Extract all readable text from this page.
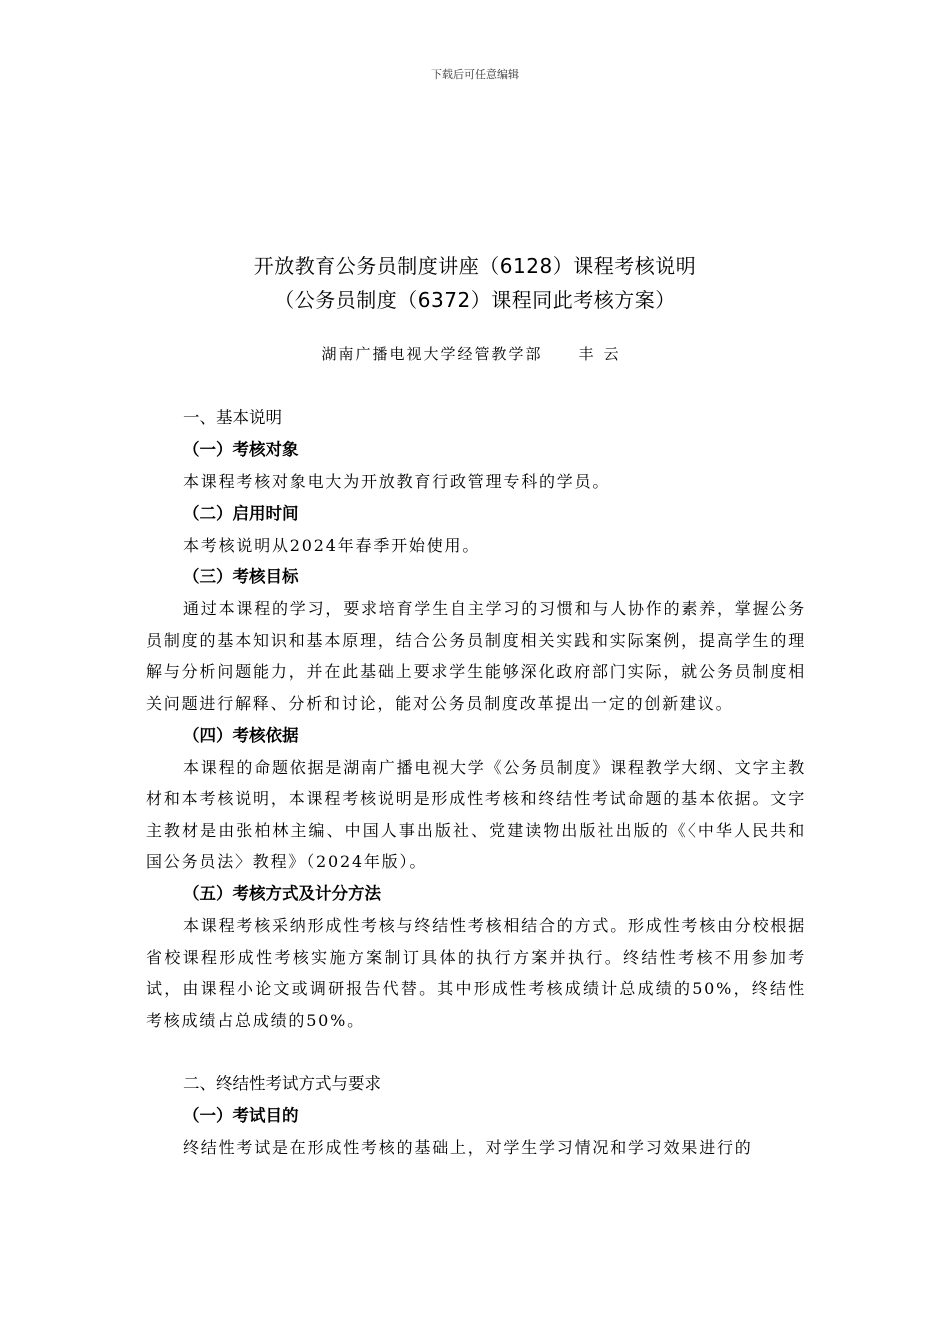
下载后可任意编辑
开放教育公务员制度讲座（6128）课程考核说明
（公务员制度（6372）课程同此考核方案）
湖南广播电视大学经管教学部 丰云
一、基本说明
（一）考核对象
本课程考核对象电大为开放教育行政管理专科的学员。
（二）启用时间
本考核说明从2024年春季开始使用。
（三）考核目标
通过本课程的学习，要求培育学生自主学习的习惯和与人协作的素养，掌握公务员制度的基本知识和基本原理，结合公务员制度相关实践和实际案例，提高学生的理解与分析问题能力，并在此基础上要求学生能够深化政府部门实际，就公务员制度相关问题进行解释、分析和讨论，能对公务员制度改革提出一定的创新建议。
（四）考核依据
本课程的命题依据是湖南广播电视大学《公务员制度》课程教学大纲、文字主教材和本考核说明，本课程考核说明是形成性考核和终结性考试命题的基本依据。文字主教材是由张柏林主编、中国人事出版社、党建读物出版社出版的《〈中华人民共和国公务员法〉教程》（2024年版）。
（五）考核方式及计分方法
本课程考核采纳形成性考核与终结性考核相结合的方式。形成性考核由分校根据省校课程形成性考核实施方案制订具体的执行方案并执行。终结性考核不用参加考试，由课程小论文或调研报告代替。其中形成性考核成绩计总成绩的50%，终结性考核成绩占总成绩的50%。
二、终结性考试方式与要求
（一）考试目的
终结性考试是在形成性考核的基础上，对学生学习情况和学习效果进行的
